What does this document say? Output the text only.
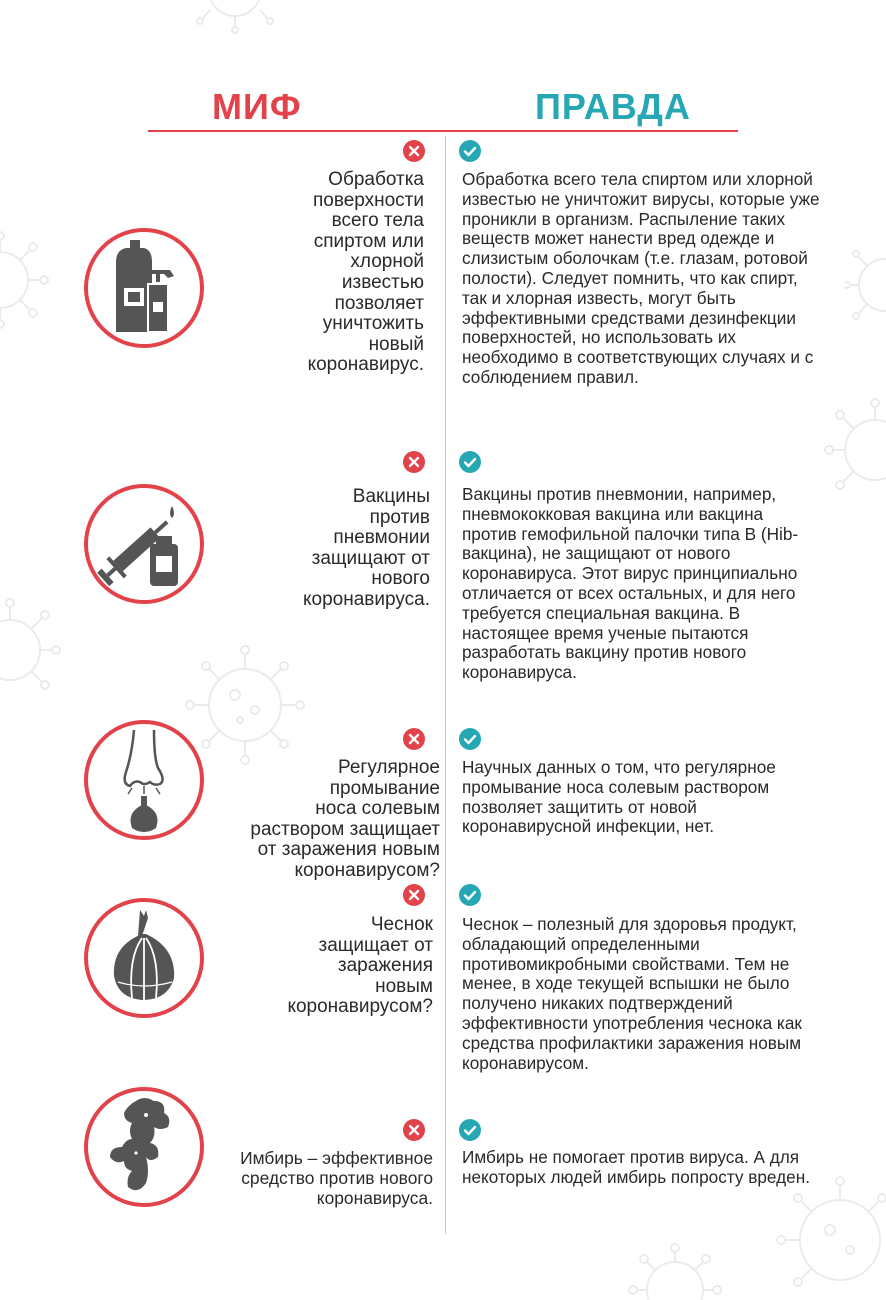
МИФ	ПРАВДА
Обработка
поверхности
всего тела
спиртом или
хлорной
известью
позволяет
уничтожить
новый
коронавирус.
Обработка всего тела спиртом или хлорной известью не уничтожит вирусы, которые уже проникли в организм. Распыление таких веществ может нанести вред одежде и слизистым оболочкам (т.е. глазам, ротовой полости). Следует помнить, что как спирт, так и хлорная известь, могут быть эффективными средствами дезинфекции поверхностей, но использовать их необходимо в соответствующих случаях и с соблюдением правил.
Вакцины
против
пневмонии
защищают от
нового
коронавируса.
Вакцины против пневмонии, например, пневмококковая вакцина или вакцина против гемофильной палочки типа B (Hib-вакцина), не защищают от нового коронавируса. Этот вирус принципиально отличается от всех остальных, и для него требуется специальная вакцина. В настоящее время ученые пытаются разработать вакцину против нового коронавируса.
Регулярное
промывание
носа солевым
раствором защищает
от заражения новым
коронавирусом?
Научных данных о том, что регулярное промывание носа солевым раствором позволяет защитить от новой коронавирусной инфекции, нет.
Чеснок
защищает от
заражения
новым
коронавирусом?
Чеснок – полезный для здоровья продукт, обладающий определенными противомикробными свойствами. Тем не менее, в ходе текущей вспышки не было получено никаких подтверждений эффективности употребления чеснока как средства профилактики заражения новым коронавирусом.
Имбирь – эффективное
средство против нового
коронавируса.
Имбирь не помогает против вируса. А для некоторых людей имбирь попросту вреден.
